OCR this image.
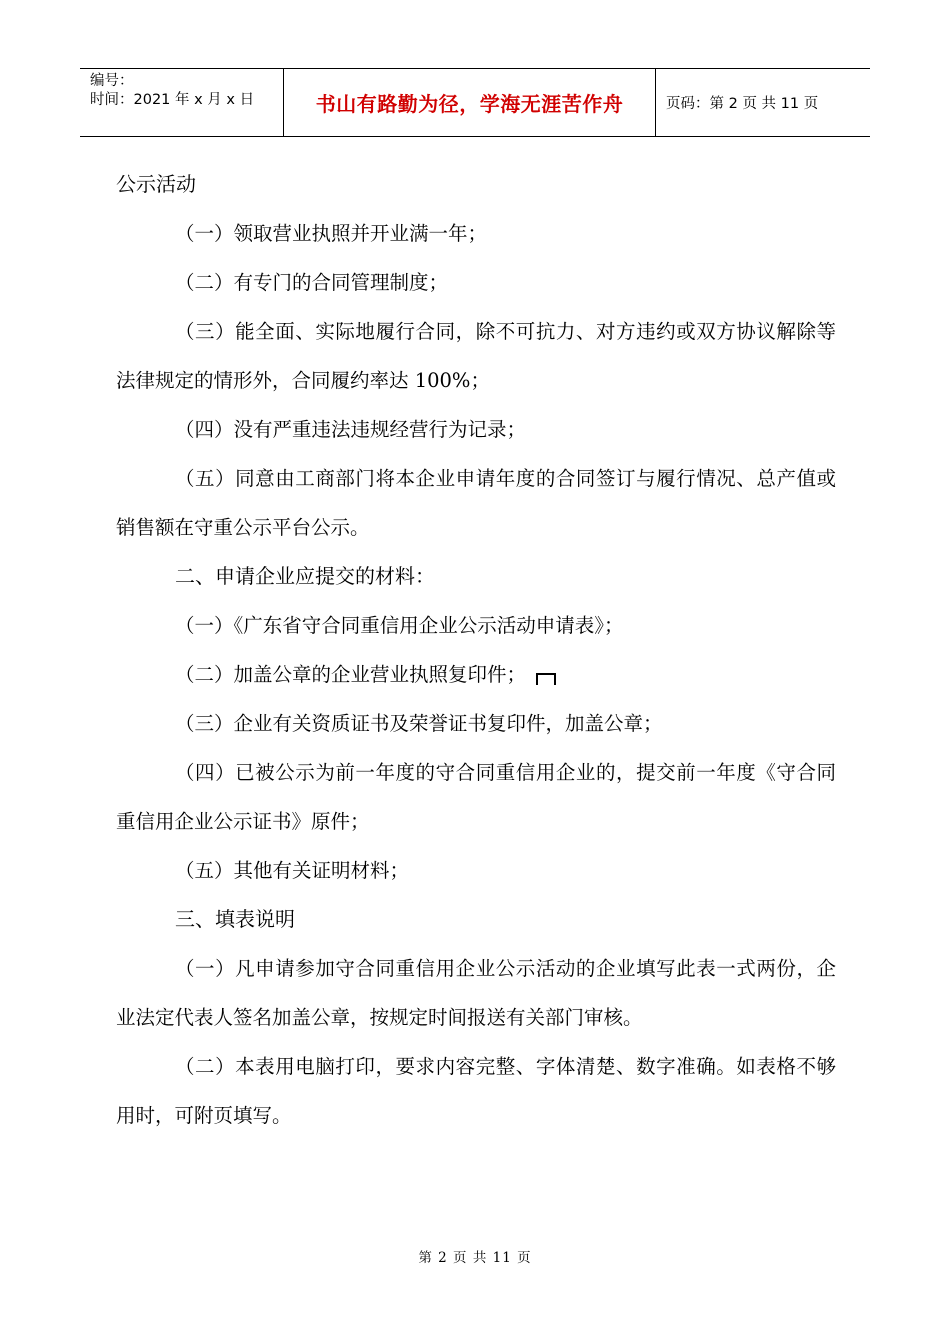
编号：
时间：2021 年 x 月 x 日	书山有路勤为径，学海无涯苦作舟	页码：第 2 页 共 11 页

公示活动

（一）领取营业执照并开业满一年；

（二）有专门的合同管理制度；

（三）能全面、实际地履行合同，除不可抗力、对方违约或双方协议解除等法律规定的情形外，合同履约率达 100%；

（四）没有严重违法违规经营行为记录；

（五）同意由工商部门将本企业申请年度的合同签订与履行情况、总产值或销售额在守重公示平台公示。

二、申请企业应提交的材料：

（一）《广东省守合同重信用企业公示活动申请表》；

（二）加盖公章的企业营业执照复印件；

（三）企业有关资质证书及荣誉证书复印件，加盖公章；

（四）已被公示为前一年度的守合同重信用企业的，提交前一年度《守合同重信用企业公示证书》原件；

（五）其他有关证明材料；

三、填表说明

（一）凡申请参加守合同重信用企业公示活动的企业填写此表一式两份，企业法定代表人签名加盖公章，按规定时间报送有关部门审核。

（二）本表用电脑打印，要求内容完整、字体清楚、数字准确。如表格不够用时，可附页填写。

第 2 页 共 11 页
